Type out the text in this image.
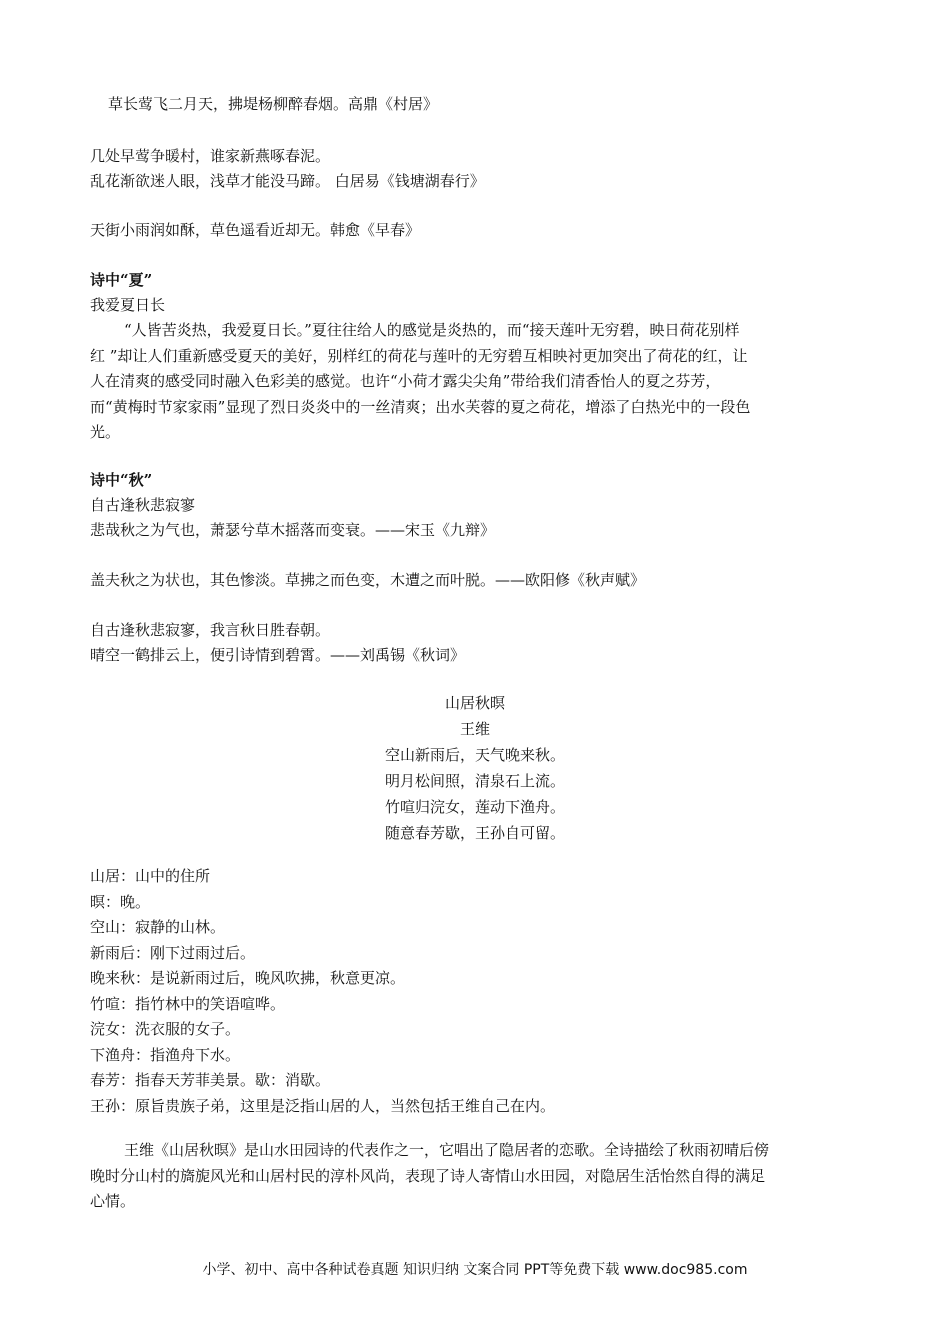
草长莺飞二月天，拂堤杨柳醉春烟。高鼎《村居》
几处早莺争暖村，谁家新燕啄春泥。
乱花渐欲迷人眼，浅草才能没马蹄。 白居易《钱塘湖春行》
天街小雨润如酥，草色遥看近却无。韩愈《早春》
诗中“夏”
我爱夏日长
“人皆苦炎热，我爱夏日长。”夏往往给人的感觉是炎热的，而“接天莲叶无穷碧，映日荷花别样
红 ”却让人们重新感受夏天的美好，别样红的荷花与莲叶的无穷碧互相映衬更加突出了荷花的红，让
人在清爽的感受同时融入色彩美的感觉。也许“小荷才露尖尖角”带给我们清香怡人的夏之芬芳，
而“黄梅时节家家雨”显现了烈日炎炎中的一丝清爽；出水芙蓉的夏之荷花，增添了白热光中的一段色
光。
诗中“秋”
自古逢秋悲寂寥
悲哉秋之为气也，萧瑟兮草木摇落而变衰。——宋玉《九辩》
盖夫秋之为状也，其色惨淡。草拂之而色变，木遭之而叶脱。——欧阳修《秋声赋》
自古逢秋悲寂寥，我言秋日胜春朝。
晴空一鹤排云上，便引诗情到碧霄。——刘禹锡《秋词》
山居秋暝
王维
空山新雨后，天气晚来秋。
明月松间照，清泉石上流。
竹喧归浣女，莲动下渔舟。
随意春芳歇，王孙自可留。
山居：山中的住所
暝：晚。
空山：寂静的山林。
新雨后：刚下过雨过后。
晚来秋：是说新雨过后，晚风吹拂，秋意更凉。
竹喧：指竹林中的笑语喧哗。
浣女：洗衣服的女子。
下渔舟：指渔舟下水。
春芳：指春天芳菲美景。歇：消歇。
王孙：原旨贵族子弟，这里是泛指山居的人，当然包括王维自己在内。
王维《山居秋暝》是山水田园诗的代表作之一，它唱出了隐居者的恋歌。全诗描绘了秋雨初晴后傍
晚时分山村的旖旎风光和山居村民的淳朴风尚，表现了诗人寄情山水田园，对隐居生活怡然自得的满足
心情。
小学、初中、高中各种试卷真题 知识归纳 文案合同 PPT等免费下载 www.doc985.com
